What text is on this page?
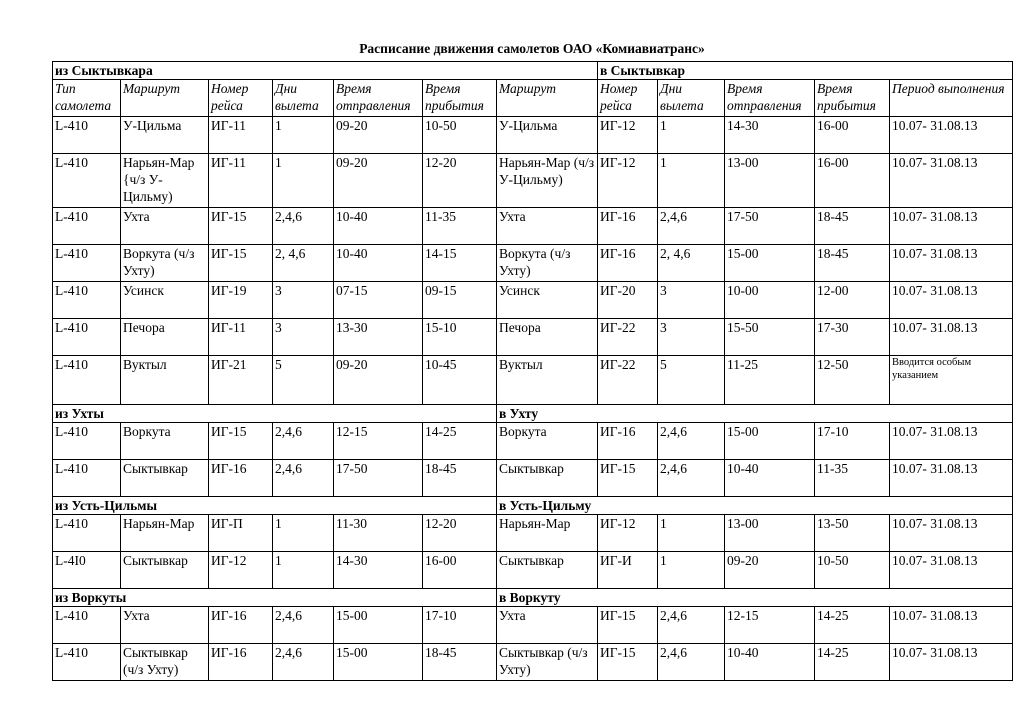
Расписание движения самолетов ОАО «Комиавиатранс»
из Сыктывкара							в Сыктывкар				
Тип самолета	Маршрут	Номер рейса	Дни вылета	Время отправления	Время прибытия	Маршрут	Номер рейса	Дни вылета	Время отправления	Время прибытия	Период выполнения
L-410	У-Цильма	ИГ-11	1	09-20	10-50	У-Цильма	ИГ-12	1	14-30	16-00	10.07- 31.08.13
L-410	Нарьян-Мар {ч/з У-Цильму)	ИГ-11	1	09-20	12-20	Нарьян-Мар (ч/з У-Цильму)	ИГ-12	1	13-00	16-00	10.07- 31.08.13
L-410	Ухта	ИГ-15	2,4,6	10-40	11-35	Ухта	ИГ-16	2,4,6	17-50	18-45	10.07- 31.08.13
L-410	Воркута (ч/з Ухту)	ИГ-15	2, 4,6	10-40	14-15	Воркута (ч/з Ухту)	ИГ-16	2, 4,6	15-00	18-45	10.07- 31.08.13
L-410	Усинск	ИГ-19	3	07-15	09-15	Усинск	ИГ-20	3	10-00	12-00	10.07- 31.08.13
L-410	Печора	ИГ-11	3	13-30	15-10	Печора	ИГ-22	3	15-50	17-30	10.07- 31.08.13
L-410	Вуктыл	ИГ-21	5	09-20	10-45	Вуктыл	ИГ-22	5	11-25	12-50	Вводится особым указанием
из Ухты						в Ухту					
L-410	Воркута	ИГ-15	2,4,6	12-15	14-25	Воркута	ИГ-16	2,4,6	15-00	17-10	10.07- 31.08.13
L-410	Сыктывкар	ИГ-16	2,4,6	17-50	18-45	Сыктывкар	ИГ-15	2,4,6	10-40	11-35	10.07- 31.08.13
из Усть-Цильмы						в Усть-Цильму					
L-410	Нарьян-Мар	ИГ-П	1	11-30	12-20	Нарьян-Мар	ИГ-12	1	13-00	13-50	10.07- 31.08.13
L-4I0	Сыктывкар	ИГ-12	1	14-30	16-00	Сыктывкар	ИГ-И	1	09-20	10-50	10.07- 31.08.13
из Воркуты						в Воркуту					
L-410	Ухта	ИГ-16	2,4,6	15-00	17-10	Ухта	ИГ-15	2,4,6	12-15	14-25	10.07- 31.08.13
L-410	Сыктывкар (ч/з Ухту)	ИГ-16	2,4,6	15-00	18-45	Сыктывкар (ч/з Ухту)	ИГ-15	2,4,6	10-40	14-25	10.07- 31.08.13
